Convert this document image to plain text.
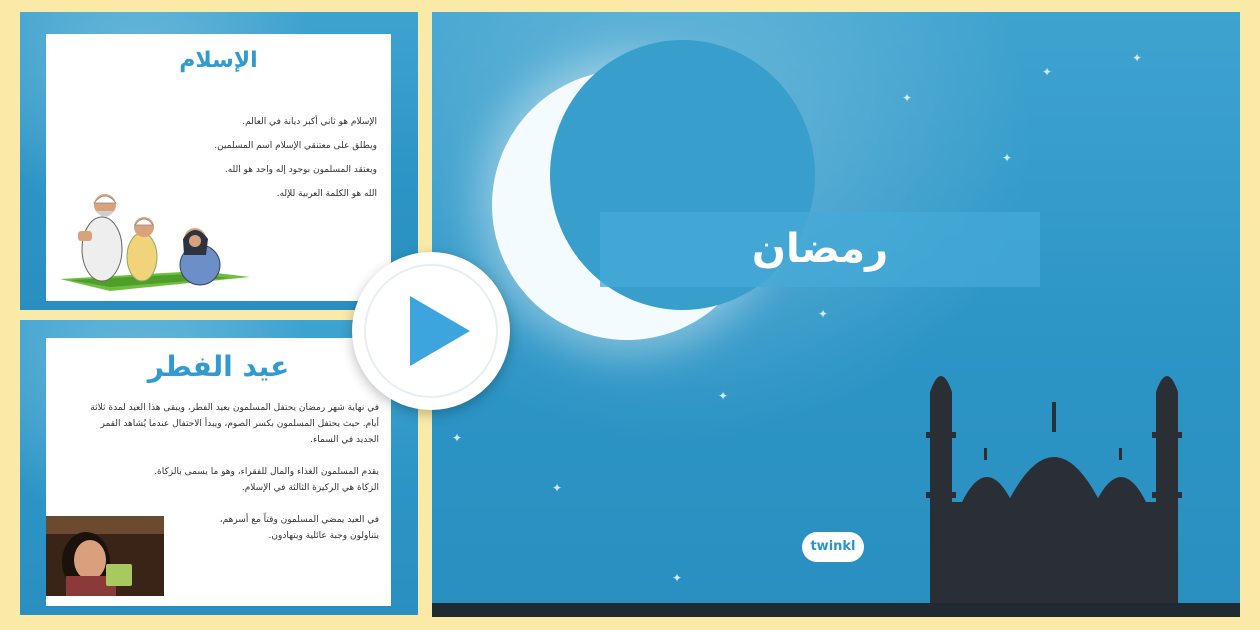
الإسلام
الإسلام هو ثاني أكبر ديانة في العالم.
ويطلق على معتنقي الإسلام اسم المسلمين.
ويعتقد المسلمون بوجود إله واحد هو الله.
الله هو الكلمة العربية للإله.
عيد الفطر
في نهاية شهر رمضان يحتفل المسلمون بعيد الفطر، ويبقى هذا العيد لمدة ثلاثة
أيام. حيث يحتفل المسلمون بكسر الصوم، ويبدأ الاحتفال عندما يُشاهد القمر
الجديد في السماء.
يقدم المسلمون الغذاء والمال للفقراء، وهو ما يسمى بالزكاة.
الزكاة هي الركيزة الثالثة في الإسلام.
في العيد يمضي المسلمون وقتاً مع أسرهم،
يتناولون وجبة عائلية ويتهادون.
✦
✦
✦
✦
✦
✦
✦
✦
✦
رمضان
twinkl
